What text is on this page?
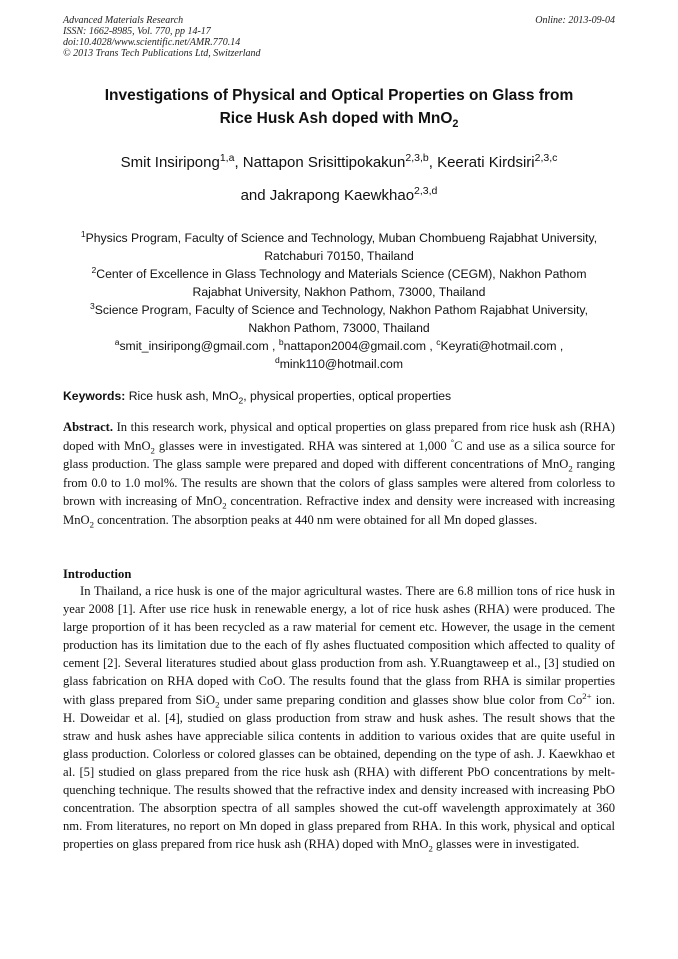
Advanced Materials Research
ISSN: 1662-8985, Vol. 770, pp 14-17
doi:10.4028/www.scientific.net/AMR.770.14
© 2013 Trans Tech Publications Ltd, Switzerland
Online: 2013-09-04
Investigations of Physical and Optical Properties on Glass from
Rice Husk Ash doped with MnO$_2$
Smit Insiripong$^{1,a}$, Nattapon Srisittipokakun$^{2,3,b}$, Keerati Kirdsiri$^{2,3,c}$
and Jakrapong Kaewkhao$^{2,3,d}$
$^1$Physics Program, Faculty of Science and Technology, Muban Chombueng Rajabhat University,
Ratchaburi 70150, Thailand
$^2$Center of Excellence in Glass Technology and Materials Science (CEGM), Nakhon Pathom
Rajabhat University, Nakhon Pathom, 73000, Thailand
$^3$Science Program, Faculty of Science and Technology, Nakhon Pathom Rajabhat University,
Nakhon Pathom, 73000, Thailand
$^a$smit_insiripong@gmail.com , $^b$nattapon2004@gmail.com , $^c$Keyrati@hotmail.com ,
$^d$mink110@hotmail.com
Keywords: Rice husk ash, MnO$_2$, physical properties, optical properties
Abstract. In this research work, physical and optical properties on glass prepared from rice husk ash (RHA) doped with MnO$_2$ glasses were in investigated. RHA was sintered at 1,000 °C and use as a silica source for glass production. The glass sample were prepared and doped with different concentrations of MnO$_2$ ranging from 0.0 to 1.0 mol%. The results are shown that the colors of glass samples were altered from colorless to brown with increasing of MnO$_2$ concentration. Refractive index and density were increased with increasing MnO$_2$ concentration. The absorption peaks at 440 nm were obtained for all Mn doped glasses.
Introduction
In Thailand, a rice husk is one of the major agricultural wastes. There are 6.8 million tons of rice husk in year 2008 [1]. After use rice husk in renewable energy, a lot of rice husk ashes (RHA) were produced. The large proportion of it has been recycled as a raw material for cement etc. However, the usage in the cement production has its limitation due to the each of fly ashes fluctuated composition which affected to quality of cement [2]. Several literatures studied about glass production from ash. Y.Ruangtaweep et al., [3] studied on glass fabrication on RHA doped with CoO. The results found that the glass from RHA is similar properties with glass prepared from SiO$_2$ under same preparing condition and glasses show blue color from $Co^{2+}$ ion. H. Doweidar et al. [4], studied on glass production from straw and husk ashes. The result shows that the straw and husk ashes have appreciable silica contents in addition to various oxides that are quite useful in glass production. Colorless or colored glasses can be obtained, depending on the type of ash. J. Kaewkhao et al. [5] studied on glass prepared from the rice husk ash (RHA) with different PbO concentrations by melt-quenching technique. The results showed that the refractive index and density increased with increasing PbO concentration. The absorption spectra of all samples showed the cut-off wavelength approximately at 360 nm. From literatures, no report on Mn doped in glass prepared from RHA. In this work, physical and optical properties on glass prepared from rice husk ash (RHA) doped with MnO$_2$ glasses were in investigated.
